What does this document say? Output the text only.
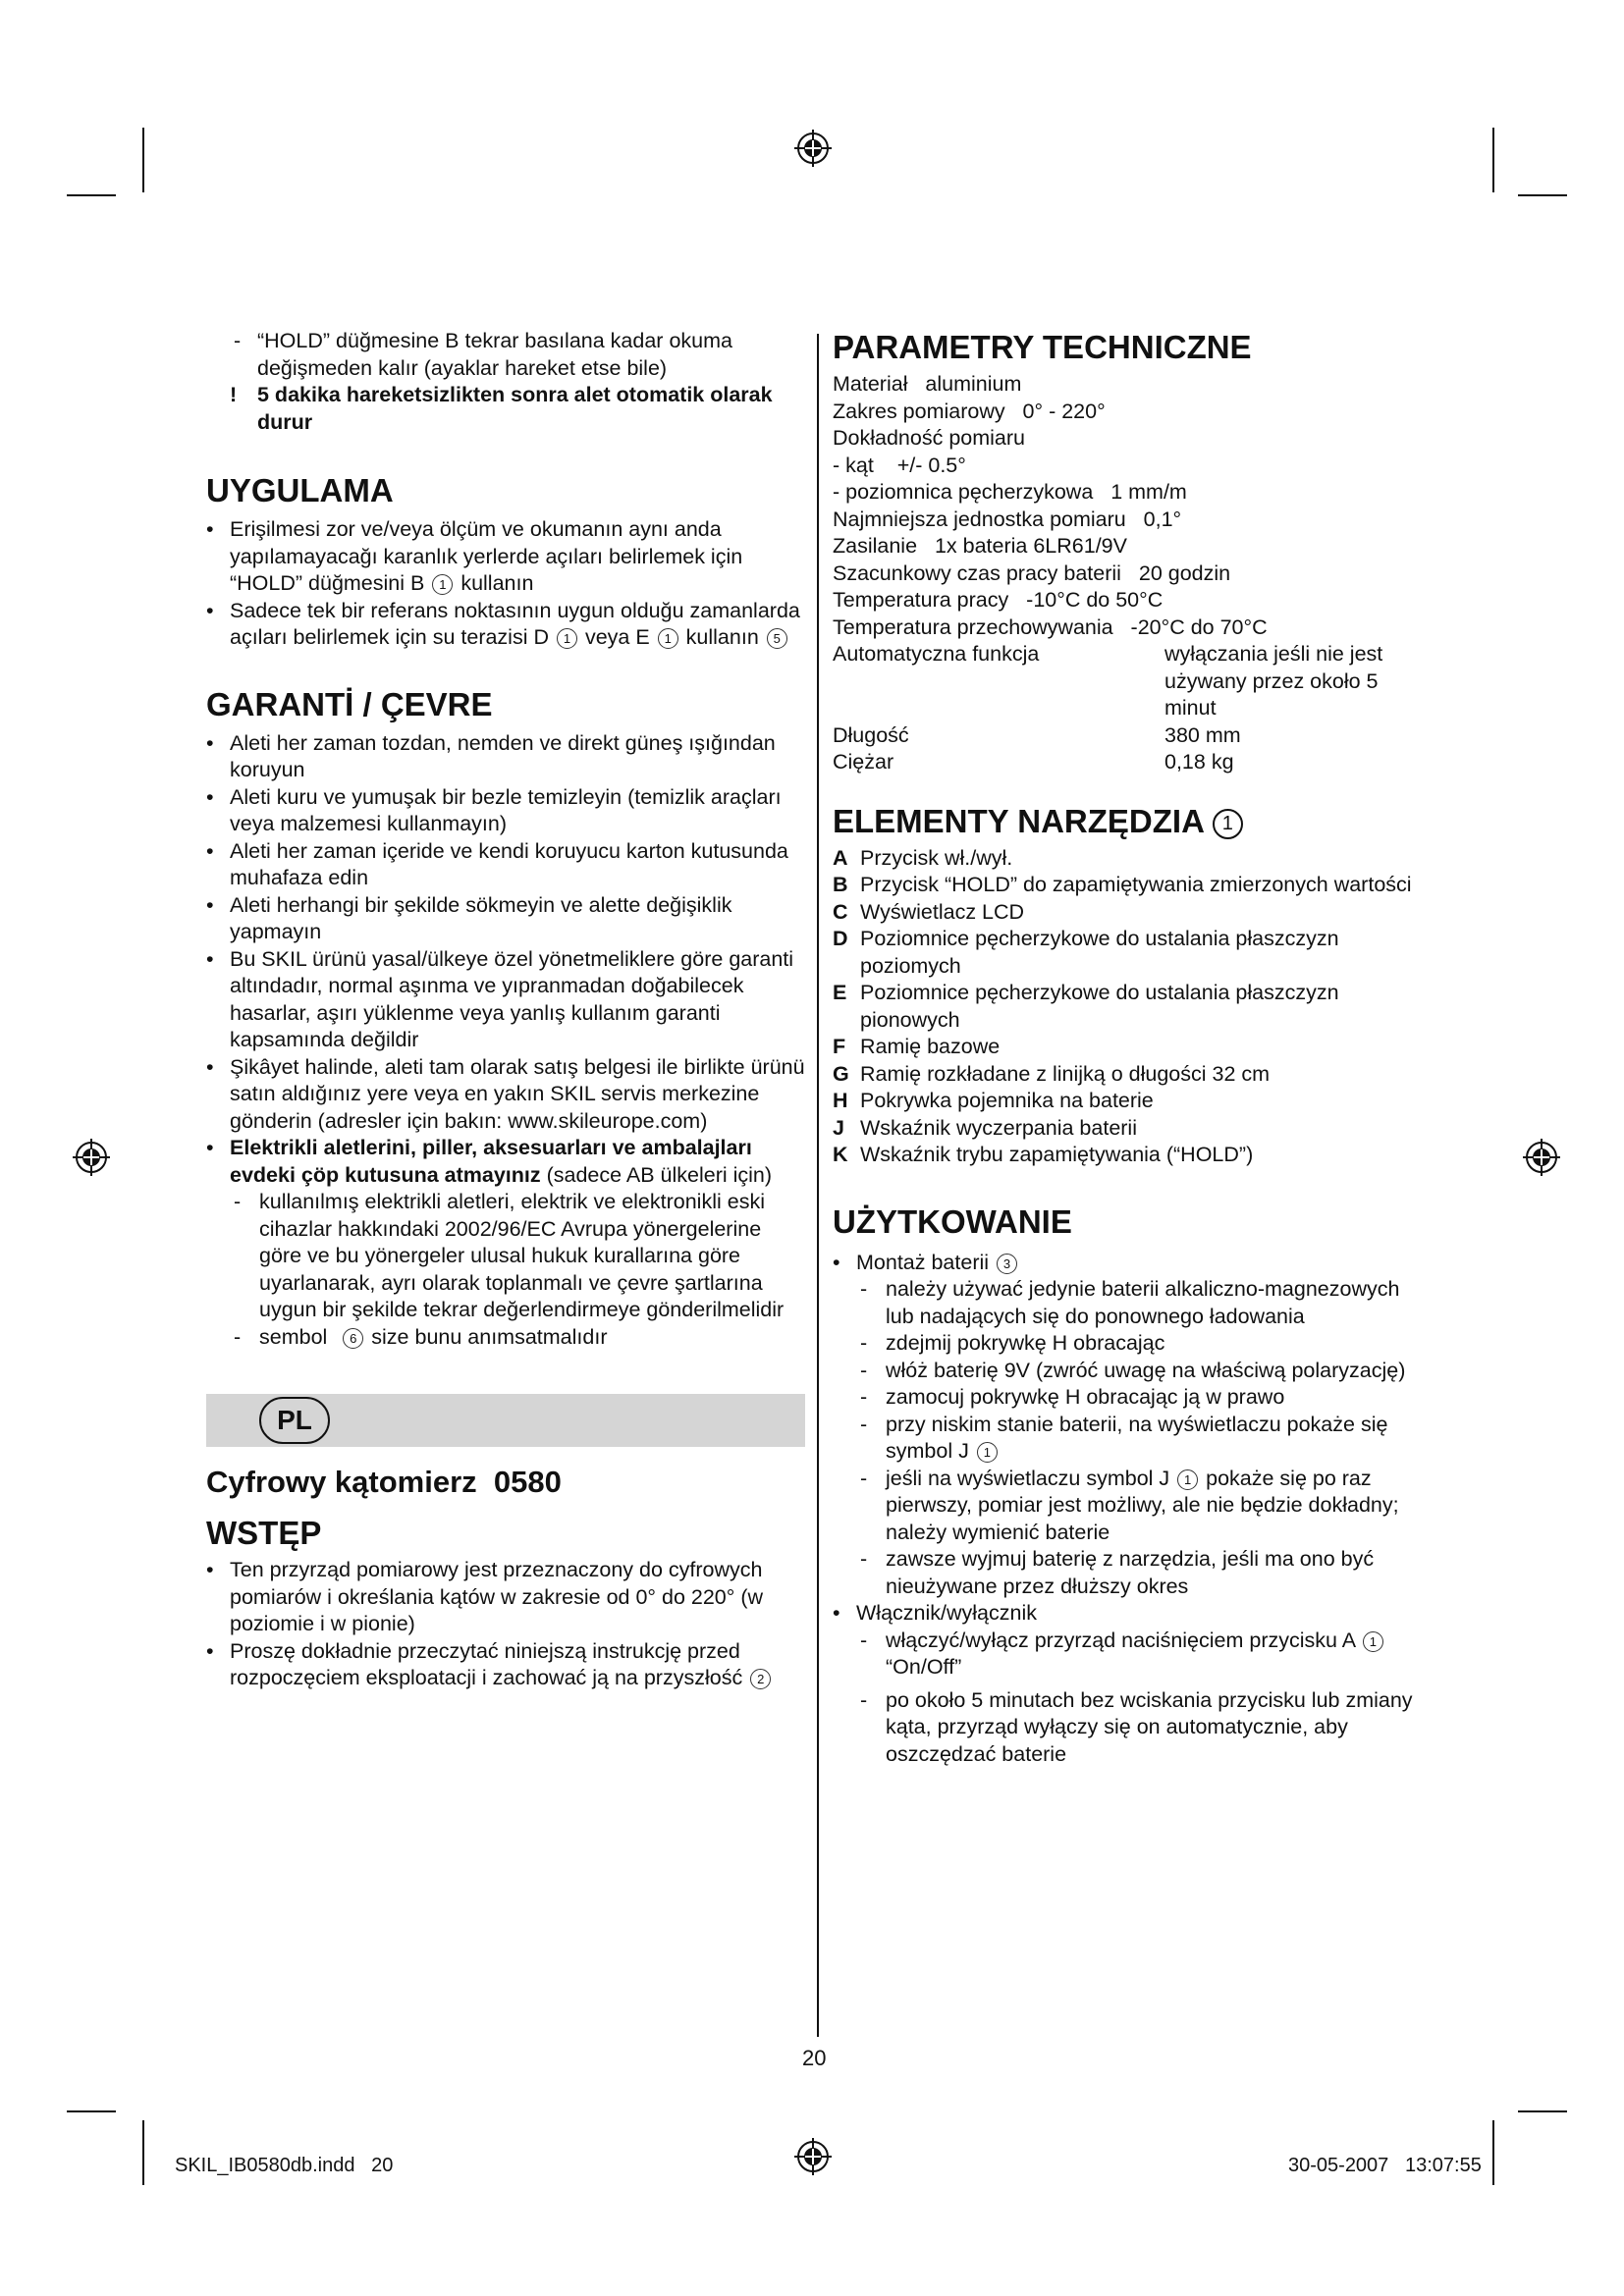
- “HOLD” düğmesine B tekrar basılana kadar okuma değişmeden kalır (ayaklar hareket etse bile)
! 5 dakika hareketsizlikten sonra alet otomatik olarak durur
UYGULAMA
• Erişilmesi zor ve/veya ölçüm ve okumanın aynı anda yapılamayacağı karanlık yerlerde açıları belirlemek için “HOLD” düğmesini B 1 kullanın
• Sadece tek bir referans noktasının uygun olduğu zamanlarda açıları belirlemek için su terazisi D 1 veya E 1 kullanın 5
GARANTİ / ÇEVRE
• Aleti her zaman tozdan, nemden ve direkt güneş ışığından koruyun
• Aleti kuru ve yumuşak bir bezle temizleyin (temizlik araçları veya malzemesi kullanmayın)
• Aleti her zaman içeride ve kendi koruyucu karton kutusunda muhafaza edin
• Aleti herhangi bir şekilde sökmeyin ve alette değişiklik yapmayın
• Bu SKIL ürünü yasal/ülkeye özel yönetmeliklere göre garanti altındadır, normal aşınma ve yıpranmadan doğabilecek hasarlar, aşırı yüklenme veya yanlış kullanım garanti kapsamında değildir
• Şikâyet halinde, aleti tam olarak satış belgesi ile birlikte ürünü satın aldığınız yere veya en yakın SKIL servis merkezine gönderin (adresler için bakın: www.skileurope.com)
• Elektrikli aletlerini, piller, aksesuarları ve ambalajları evdeki çöp kutusuna atmayınız (sadece AB ülkeleri için)
- kullanılmış elektrikli aletleri, elektrik ve elektronikli eski cihazlar hakkındaki 2002/96/EC Avrupa yönergelerine göre ve bu yönergeler ulusal hukuk kurallarına göre uyarlanarak, ayrı olarak toplanmalı ve çevre şartlarına uygun bir şekilde tekrar değerlendirmeye gönderilmelidir
- sembol 6 size bunu anımsatmalıdır
PL
Cyfrowy kątomierz  0580
WSTĘP
• Ten przyrząd pomiarowy jest przeznaczony do cyfrowych pomiarów i określania kątów w zakresie od 0° do 220° (w poziomie i w pionie)
• Proszę dokładnie przeczytać niniejszą instrukcję przed rozpoczęciem eksploatacji i zachować ją na przyszłość 2
PARAMETRY TECHNICZNE
Materiał   aluminium
Zakres pomiarowy   0° - 220°
Dokładność pomiaru
- kąt    +/- 0.5°
- poziomnica pęcherzykowa   1 mm/m
Najmniejsza jednostka pomiaru   0,1°
Zasilanie   1x bateria 6LR61/9V
Szacunkowy czas pracy baterii   20 godzin
Temperatura pracy   -10°C do 50°C
Temperatura przechowywania   -20°C do 70°C
Automatyczna funkcja	wyłączania jeśli nie jest używany przez około 5 minut
Długość	380 mm
Ciężar	0,18 kg
ELEMENTY NARZĘDZIA 1
A Przycisk wł./wył.
B Przycisk “HOLD” do zapamiętywania zmierzonych wartości
C Wyświetlacz LCD
D Poziomnice pęcherzykowe do ustalania płaszczyzn poziomych
E Poziomnice pęcherzykowe do ustalania płaszczyzn pionowych
F Ramię bazowe
G Ramię rozkładane z linijką o długości 32 cm
H Pokrywka pojemnika na baterie
J Wskaźnik wyczerpania baterii
K Wskaźnik trybu zapamiętywania (“HOLD”)
UŻYTKOWANIE
• Montaż baterii 3
- należy używać jedynie baterii alkaliczno-magnezowych lub nadających się do ponownego ładowania
- zdejmij pokrywkę H obracając
- włóż baterię 9V (zwróć uwagę na właściwą polaryzację)
- zamocuj pokrywkę H obracając ją w prawo
- przy niskim stanie baterii, na wyświetlaczu pokaże się symbol J 1
- jeśli na wyświetlaczu symbol J 1 pokaże się po raz pierwszy, pomiar jest możliwy, ale nie będzie dokładny; należy wymienić baterie
- zawsze wyjmuj baterię z narzędzia, jeśli ma ono być nieużywane przez dłuższy okres
• Włącznik/wyłącznik
- włączyć/wyłącz przyrząd naciśnięciem przycisku A 1 “On/Off”
- po około 5 minutach bez wciskania przycisku lub zmiany kąta, przyrząd wyłączy się on automatycznie, aby oszczędzać baterie
20
SKIL_IB0580db.indd   20	30-05-2007   13:07:55
